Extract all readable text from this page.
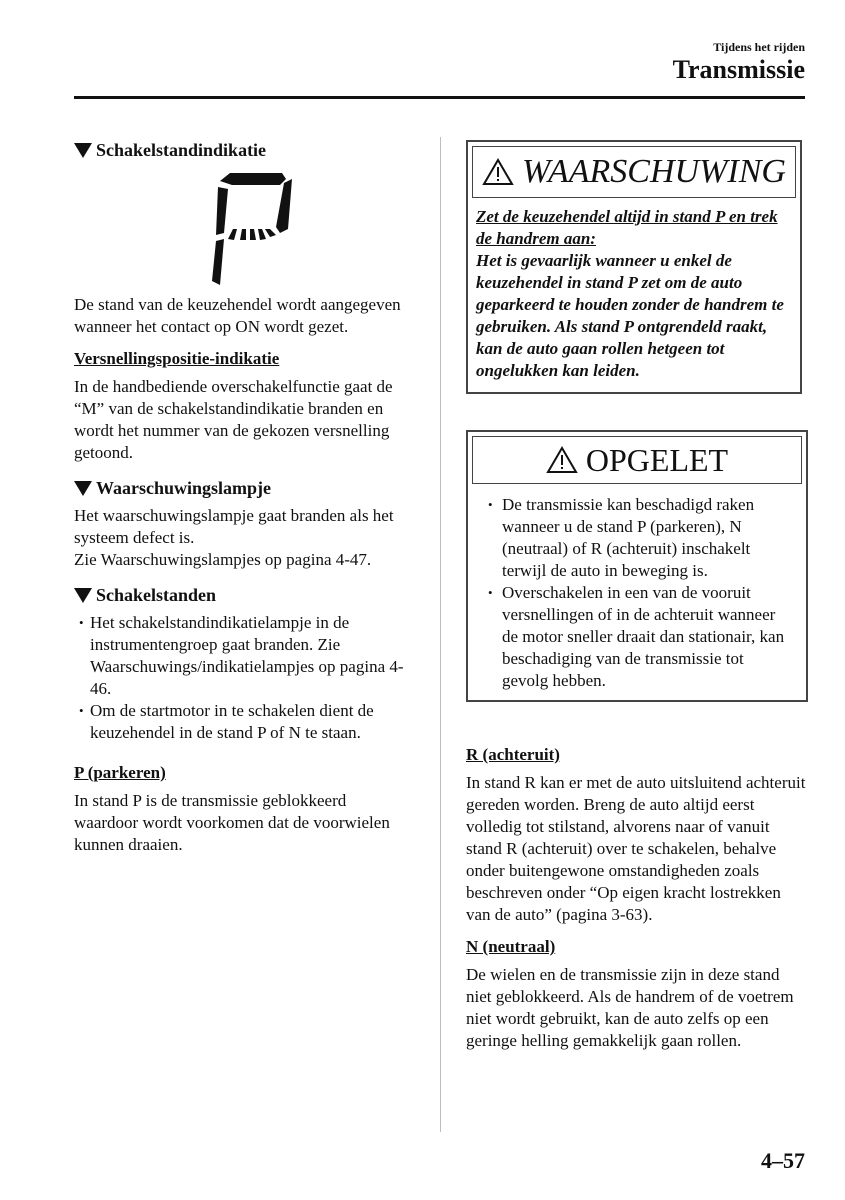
Tijdens het rijden
Transmissie
Schakelstandindikatie

De stand van de keuzehendel wordt aangegeven wanneer het contact op ON wordt gezet.

Versnellingspositie-indikatie

In de handbediende overschakelfunctie gaat de “M” van de schakelstandindikatie branden en wordt het nummer van de gekozen versnelling getoond.

Waarschuwingslampje

Het waarschuwingslampje gaat branden als het systeem defect is.

Zie Waarschuwingslampjes op pagina 4-47.

Schakelstanden
• Het schakelstandindikatielampje in de instrumentengroep gaat branden. Zie Waarschuwings/indikatielampjes op pagina 4-46.
• Om de startmotor in te schakelen dient de keuzehendel in de stand P of N te staan.
P (parkeren)

In stand P is de transmissie geblokkeerd waardoor wordt voorkomen dat de voorwielen kunnen draaien.

WAARSCHUWING
Zet de keuzehendel altijd in stand P en trek de handrem aan:
Het is gevaarlijk wanneer u enkel de keuzehendel in stand P zet om de auto geparkeerd te houden zonder de handrem te gebruiken. Als stand P ontgrendeld raakt, kan de auto gaan rollen hetgeen tot ongelukken kan leiden.
OPGELET
• De transmissie kan beschadigd raken wanneer u de stand P (parkeren), N (neutraal) of R (achteruit) inschakelt terwijl de auto in beweging is.
• Overschakelen in een van de vooruit versnellingen of in de achteruit wanneer de motor sneller draait dan stationair, kan beschadiging van de transmissie tot gevolg hebben.
R (achteruit)

In stand R kan er met de auto uitsluitend achteruit gereden worden. Breng de auto altijd eerst volledig tot stilstand, alvorens naar of vanuit stand R (achteruit) over te schakelen, behalve onder buitengewone omstandigheden zoals beschreven onder “Op eigen kracht lostrekken van de auto” (pagina 3-63).

N (neutraal)

De wielen en de transmissie zijn in deze stand niet geblokkeerd. Als de handrem of de voetrem niet wordt gebruikt, kan de auto zelfs op een geringe helling gemakkelijk gaan rollen.

4–57
